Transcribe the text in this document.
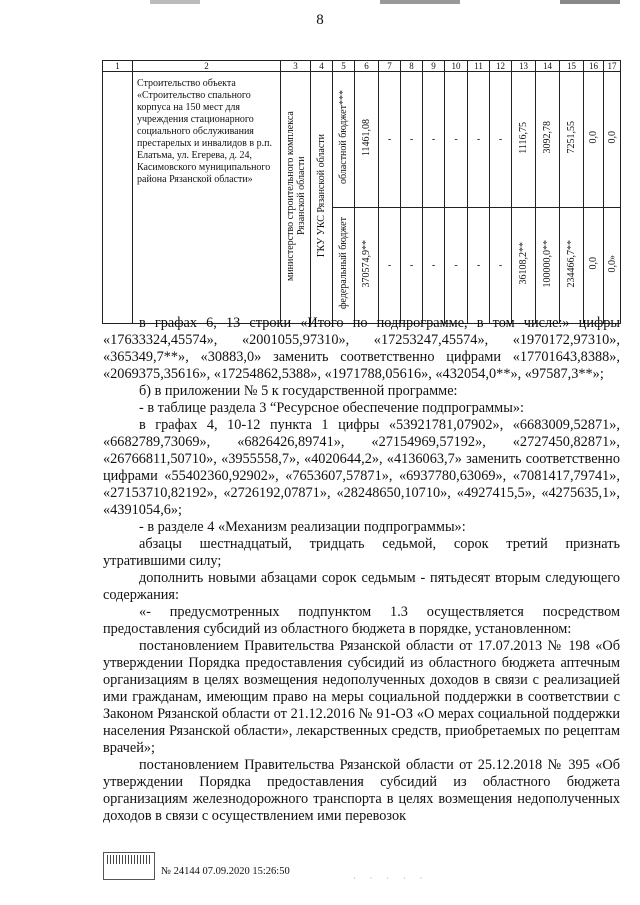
8
1	2	3	4	5	6	7	8	9	10	11	12	13	14	15	16	17
	Строительство объекта «Строительство спального корпуса на 150 мест для учреждения стационарного социального обслуживания престарелых и инвалидов в р.п. Елатьма, ул. Егерева, д. 24, Касимовского муниципального района Рязанской области»	министерство строительного комплекса Рязанской области	ГКУ УКС Рязанской области	областной бюджет***	11461,08	-	-	-	-	-	-	1116,75	3092,78	7251,55	0,0	0,0
				федеральный бюджет	370574,9**	-	-	-	-	-	-	36108,2**	100000,0**	234466,7**	0,0	0,0»

в графах 6, 13 строки «Итого по подпрограмме, в том числе:» цифры «17633324,45574», «2001055,97310», «17253247,45574», «1970172,97310», «365349,7**», «30883,0» заменить соответственно цифрами «17701643,8388», «2069375,35616», «17254862,5388», «1971788,05616», «432054,0**», «97587,3**»;

б) в приложении № 5 к государственной программе:

- в таблице раздела 3 “Ресурсное обеспечение подпрограммы»:

в графах 4, 10-12 пункта 1 цифры «53921781,07902», «6683009,52871», «6682789,73069», «6826426,89741», «27154969,57192», «2727450,82871», «26766811,50710», «3955558,7», «4020644,2», «4136063,7» заменить соответственно цифрами «55402360,92902», «7653607,57871», «6937780,63069», «7081417,79741», «27153710,82192», «2726192,07871», «28248650,10710», «4927415,5», «4275635,1», «4391054,6»;

- в разделе 4 «Механизм реализации подпрограммы»:

абзацы шестнадцатый, тридцать седьмой, сорок третий признать утратившими силу;

дополнить новыми абзацами сорок седьмым - пятьдесят вторым следующего содержания:

«- предусмотренных подпунктом 1.3 осуществляется посредством предоставления субсидий из областного бюджета в порядке, установленном:

постановлением Правительства Рязанской области от 17.07.2013 № 198 «Об утверждении Порядка предоставления субсидий из областного бюджета аптечным организациям в целях возмещения недополученных доходов в связи с реализацией ими гражданам, имеющим право на меры социальной поддержки в соответствии с Законом Рязанской области от 21.12.2016 № 91-ОЗ «О мерах социальной поддержки населения Рязанской области», лекарственных средств, приобретаемых по рецептам врачей»;

постановлением Правительства Рязанской области от 25.12.2018 № 395 «Об утверждении Порядка предоставления субсидий из областного бюджета организациям железнодорожного транспорта в целях возмещения недополученных доходов в связи с осуществлением ими перевозок

№ 24144 07.09.2020 15:26:50
· · · · ·
